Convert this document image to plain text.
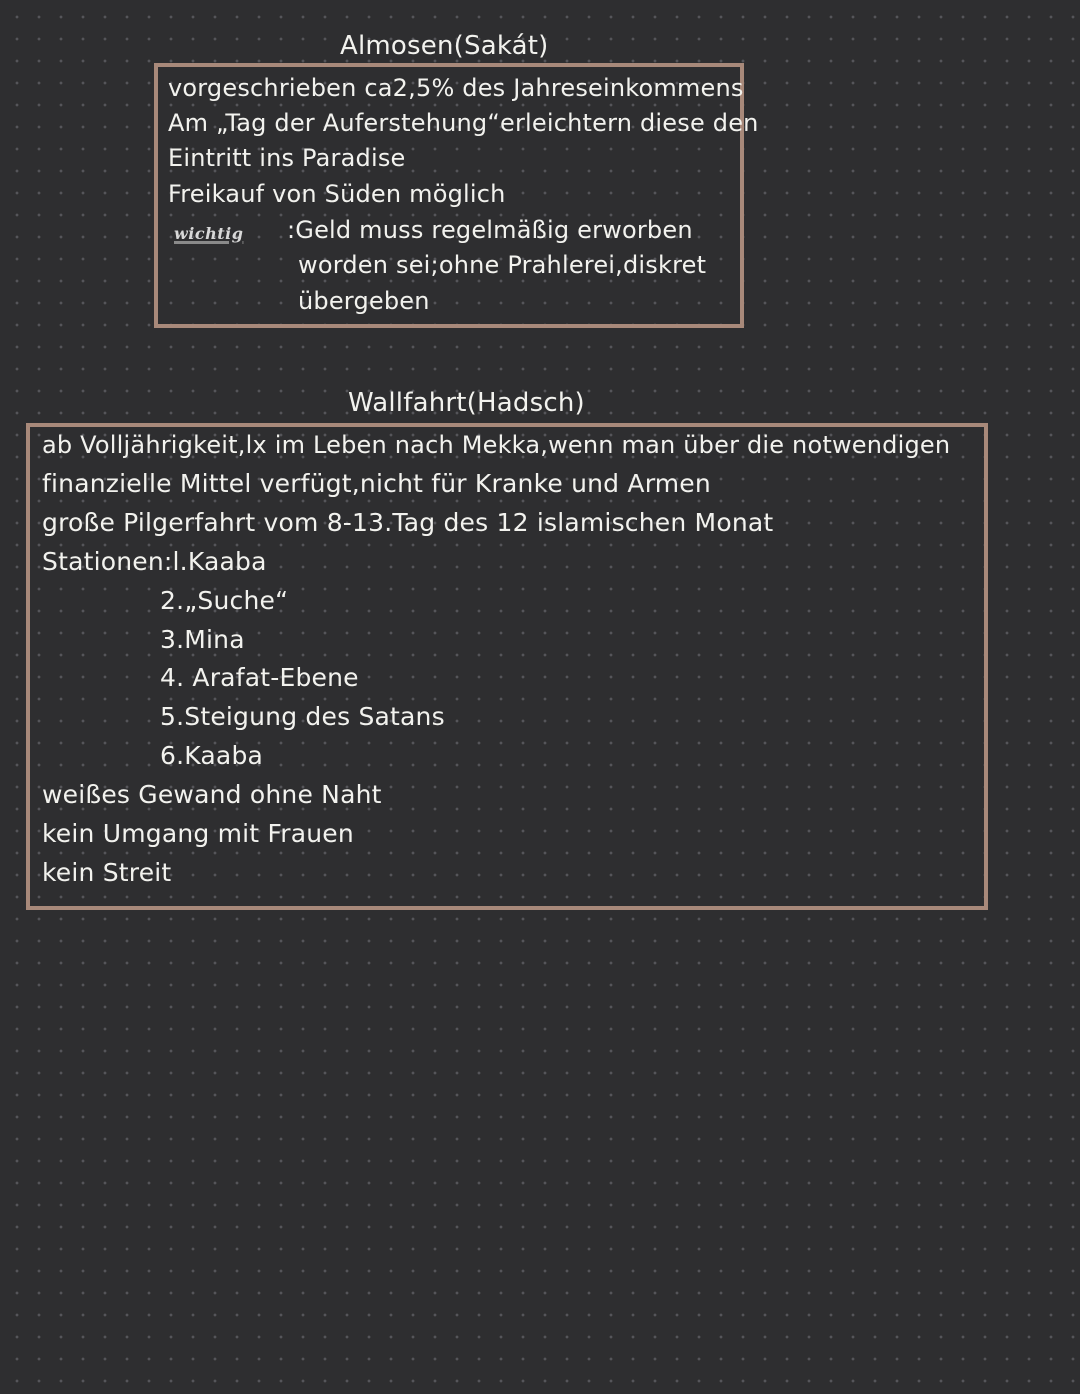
Almosen(Sakát)
vorgeschrieben ca2,5% des Jahreseinkommens
Am „Tag der Auferstehung“erleichtern diese den
Eintritt ins Paradise
Freikauf von Süden möglich
wichtig :Geld muss regelmäßig erworben
worden sei;ohne Prahlerei,diskret
übergeben
Wallfahrt(Hadsch)
ab Volljährigkeit,lx im Leben nach Mekka,wenn man über die notwendigen
finanzielle Mittel verfügt,nicht für Kranke und Armen
große Pilgerfahrt vom 8-13.Tag des 12 islamischen Monat
Stationen:l.Kaaba
2.„Suche“
3.Mina
4. Arafat-Ebene
5.Steigung des Satans
6.Kaaba
weißes Gewand ohne Naht
kein Umgang mit Frauen
kein Streit
